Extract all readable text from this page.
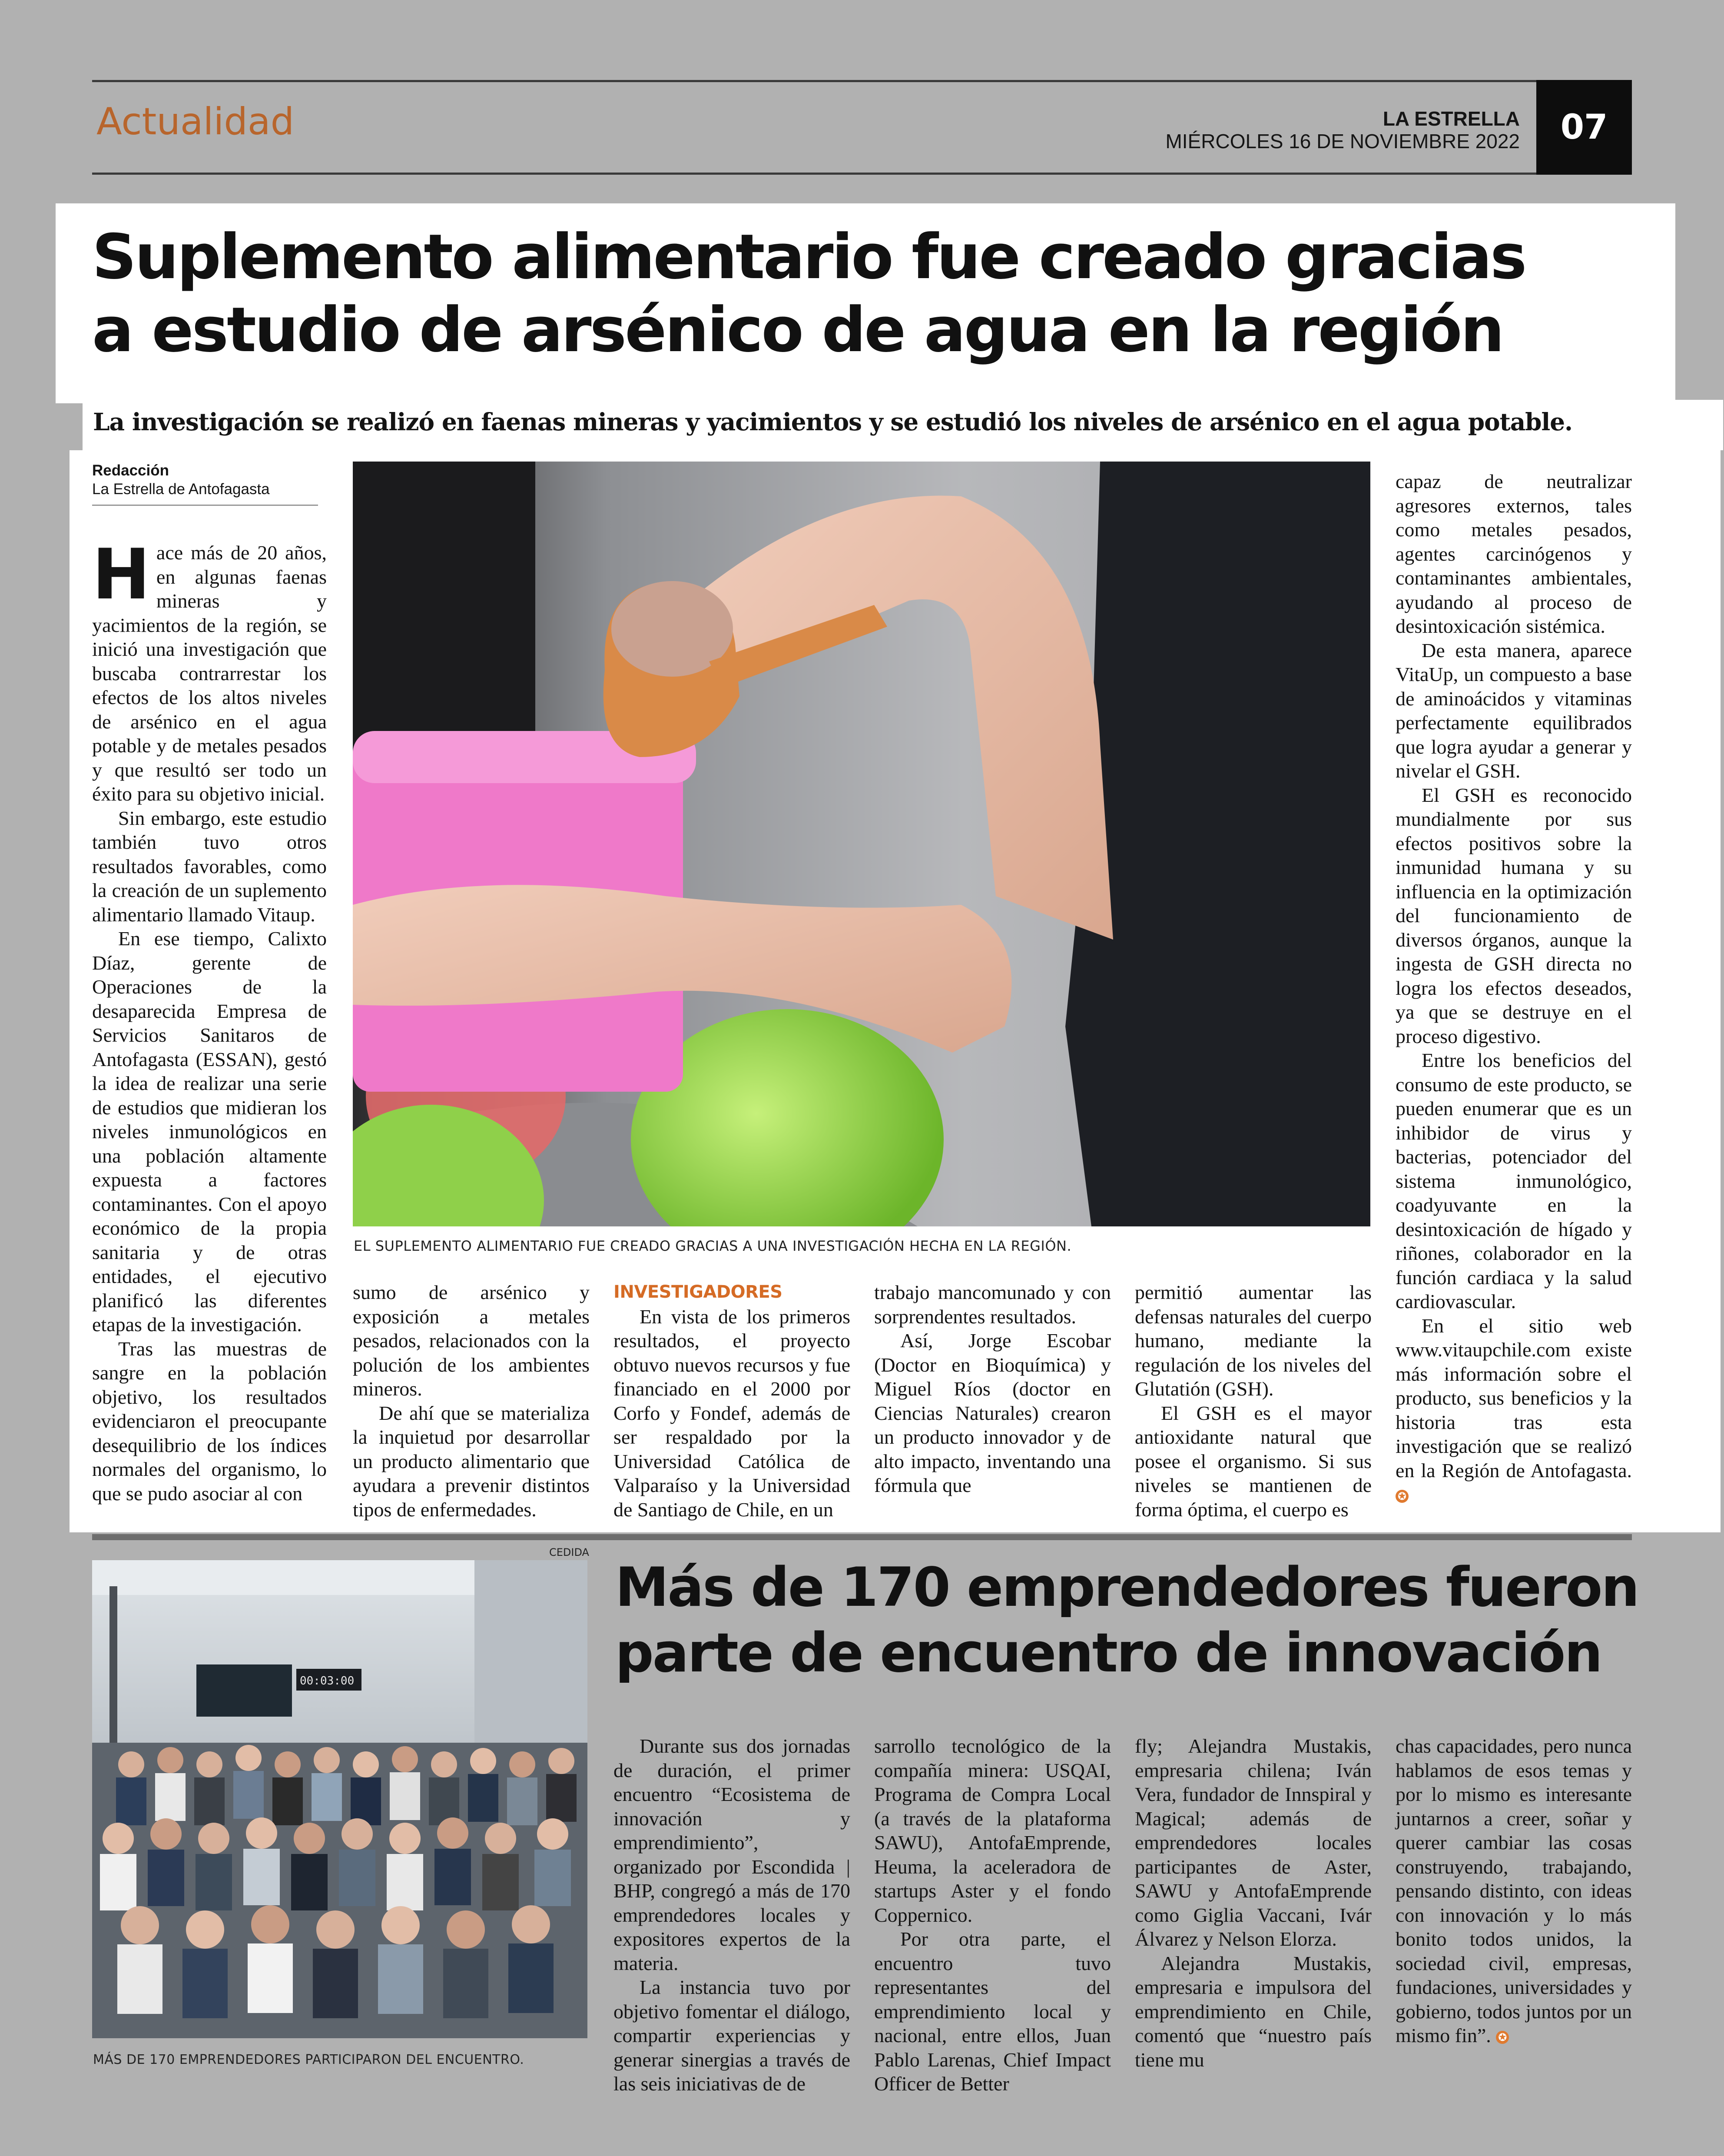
Actualidad	LA ESTRELLA
MIÉRCOLES 16 DE NOVIEMBRE 2022	07
Suplemento alimentario fue creado gracias
a estudio de arsénico de agua en la región
La investigación se realizó en faenas mineras y yacimientos y se estudió los niveles de arsénico en el agua potable.
Redacción
La Estrella de Antofagasta
EL SUPLEMENTO ALIMENTARIO FUE CREADO GRACIAS A UNA INVESTIGACIÓN HECHA EN LA REGIÓN.

Hace más de 20 años, en algunas faenas mineras y yacimientos de la región, se inició una investigación que buscaba contrarrestar los efectos de los altos niveles de arsénico en el agua potable y de metales pesados y que resultó ser todo un éxito para su objetivo inicial.

Sin embargo, este estudio también tuvo otros resultados favorables, como la creación de un suplemento alimentario llamado Vitaup.

En ese tiempo, Calixto Díaz, gerente de Operaciones de la desaparecida Empresa de Servicios Sanitaros de Antofagasta (ESSAN), gestó la idea de realizar una serie de estudios que midieran los niveles inmunológicos en una población altamente expuesta a factores contaminantes. Con el apoyo económico de la propia sanitaria y de otras entidades, el ejecutivo planificó las diferentes etapas de la investigación.

Tras las muestras de sangre en la población objetivo, los resultados evidenciaron el preocupante desequilibrio de los índices normales del organismo, lo que se pudo asociar al con

sumo de arsénico y exposición a metales pesados, relacionados con la polución de los ambientes mineros.

De ahí que se materializa la inquietud por desarrollar un producto alimentario que ayudara a prevenir distintos tipos de enfermedades.

INVESTIGADORES

En vista de los primeros resultados, el proyecto obtuvo nuevos recursos y fue financiado en el 2000 por Corfo y Fondef, además de ser respaldado por la Universidad Católica de Valparaíso y la Universidad de Santiago de Chile, en un

trabajo mancomunado y con sorprendentes resultados.

Así, Jorge Escobar (Doctor en Bioquímica) y Miguel Ríos (doctor en Ciencias Naturales) crearon un producto innovador y de alto impacto, inventando una fórmula que

permitió aumentar las defensas naturales del cuerpo humano, mediante la regulación de los niveles del Glutatión (GSH).

El GSH es el mayor antioxidante natural que posee el organismo. Si sus niveles se mantienen de forma óptima, el cuerpo es

capaz de neutralizar agresores externos, tales como metales pesados, agentes carcinógenos y contaminantes ambientales, ayudando al proceso de desintoxicación sistémica.

De esta manera, aparece VitaUp, un compuesto a base de aminoácidos y vitaminas perfectamente equilibrados que logra ayudar a generar y nivelar el GSH.

El GSH es reconocido mundialmente por sus efectos positivos sobre la inmunidad humana y su influencia en la optimización del funcionamiento de diversos órganos, aunque la ingesta de GSH directa no logra los efectos deseados, ya que se destruye en el proceso digestivo.

Entre los beneficios del consumo de este producto, se pueden enumerar que es un inhibidor de virus y bacterias, potenciador del sistema inmunológico, coadyuvante en la desintoxicación de hígado y riñones, colaborador en la función cardiaca y la salud cardiovascular.

En el sitio web www.vitaupchile.com existe más información sobre el producto, sus beneficios y la historia tras esta investigación que se realizó en la Región de Antofagasta. ✪

CEDIDA
00:03:00
MÁS DE 170 EMPRENDEDORES PARTICIPARON DEL ENCUENTRO.
Más de 170 emprendedores fueron
parte de encuentro de innovación

Durante sus dos jornadas de duración, el primer encuentro “Ecosistema de innovación y emprendimiento”, organizado por Escondida | BHP, congregó a más de 170 emprendedores locales y expositores expertos de la materia.

La instancia tuvo por objetivo fomentar el diálogo, compartir experiencias y generar sinergias a través de las seis iniciativas de de

sarrollo tecnológico de la compañía minera: USQAI, Programa de Compra Local (a través de la plataforma SAWU), AntofaEmprende, Heuma, la aceleradora de startups Aster y el fondo Coppernico.

Por otra parte, el encuentro tuvo representantes del emprendimiento local y nacional, entre ellos, Juan Pablo Larenas, Chief Impact Officer de Better

fly; Alejandra Mustakis, empresaria chilena; Iván Vera, fundador de Innspiral y Magical; además de emprendedores locales participantes de Aster, SAWU y AntofaEmprende como Giglia Vaccani, Ivár Álvarez y Nelson Elorza.

Alejandra Mustakis, empresaria e impulsora del emprendimiento en Chile, comentó que “nuestro país tiene mu

chas capacidades, pero nunca hablamos de esos temas y por lo mismo es interesante juntarnos a creer, soñar y querer cambiar las cosas construyendo, trabajando, pensando distinto, con ideas con innovación y lo más bonito todos unidos, la sociedad civil, empresas, fundaciones, universidades y gobierno, todos juntos por un mismo fin”. ✪
